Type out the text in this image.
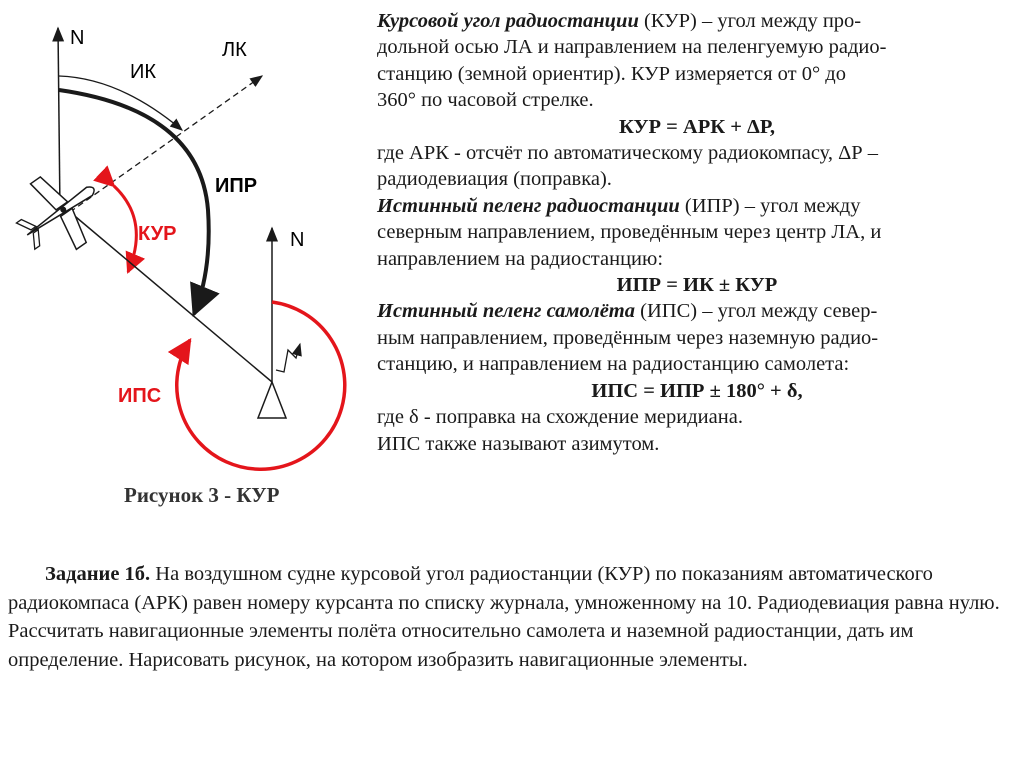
N
ЛК
ИК
ИПР
КУР	N
ИПС
Рисунок 3 - КУР

Курсовой угол радиостанции (КУР) – угол между про-

дольной осью ЛА и направлением на пеленгуемую радио-

станцию (земной ориентир). КУР измеряется от 0° до

360° по часовой стрелке.

КУР = АРК + ΔР,

где АРК - отсчёт по автоматическому радиокомпасу, ΔР –

радиодевиация (поправка).

Истинный пеленг радиостанции (ИПР) – угол между

северным направлением, проведённым через центр ЛА, и

направлением на радиостанцию:

ИПР = ИК ± КУР

Истинный пеленг самолёта (ИПС) – угол между север-

ным направлением, проведённым через наземную радио-

станцию, и направлением на радиостанцию самолета:

ИПС = ИПР ± 180° + δ,

где δ - поправка на схождение меридиана.

ИПС также называют азимутом.

Задание 1б. На воздушном судне курсовой угол радиостанции (КУР) по показаниям автоматического радиокомпаса (АРК) равен номеру курсанта по списку журнала, умноженному на 10. Радиодевиация равна нулю. Рассчитать навигационные элементы полёта относительно самолета и наземной радиостанции, дать им определение. Нарисовать рисунок, на котором изобразить навигационные элементы.
